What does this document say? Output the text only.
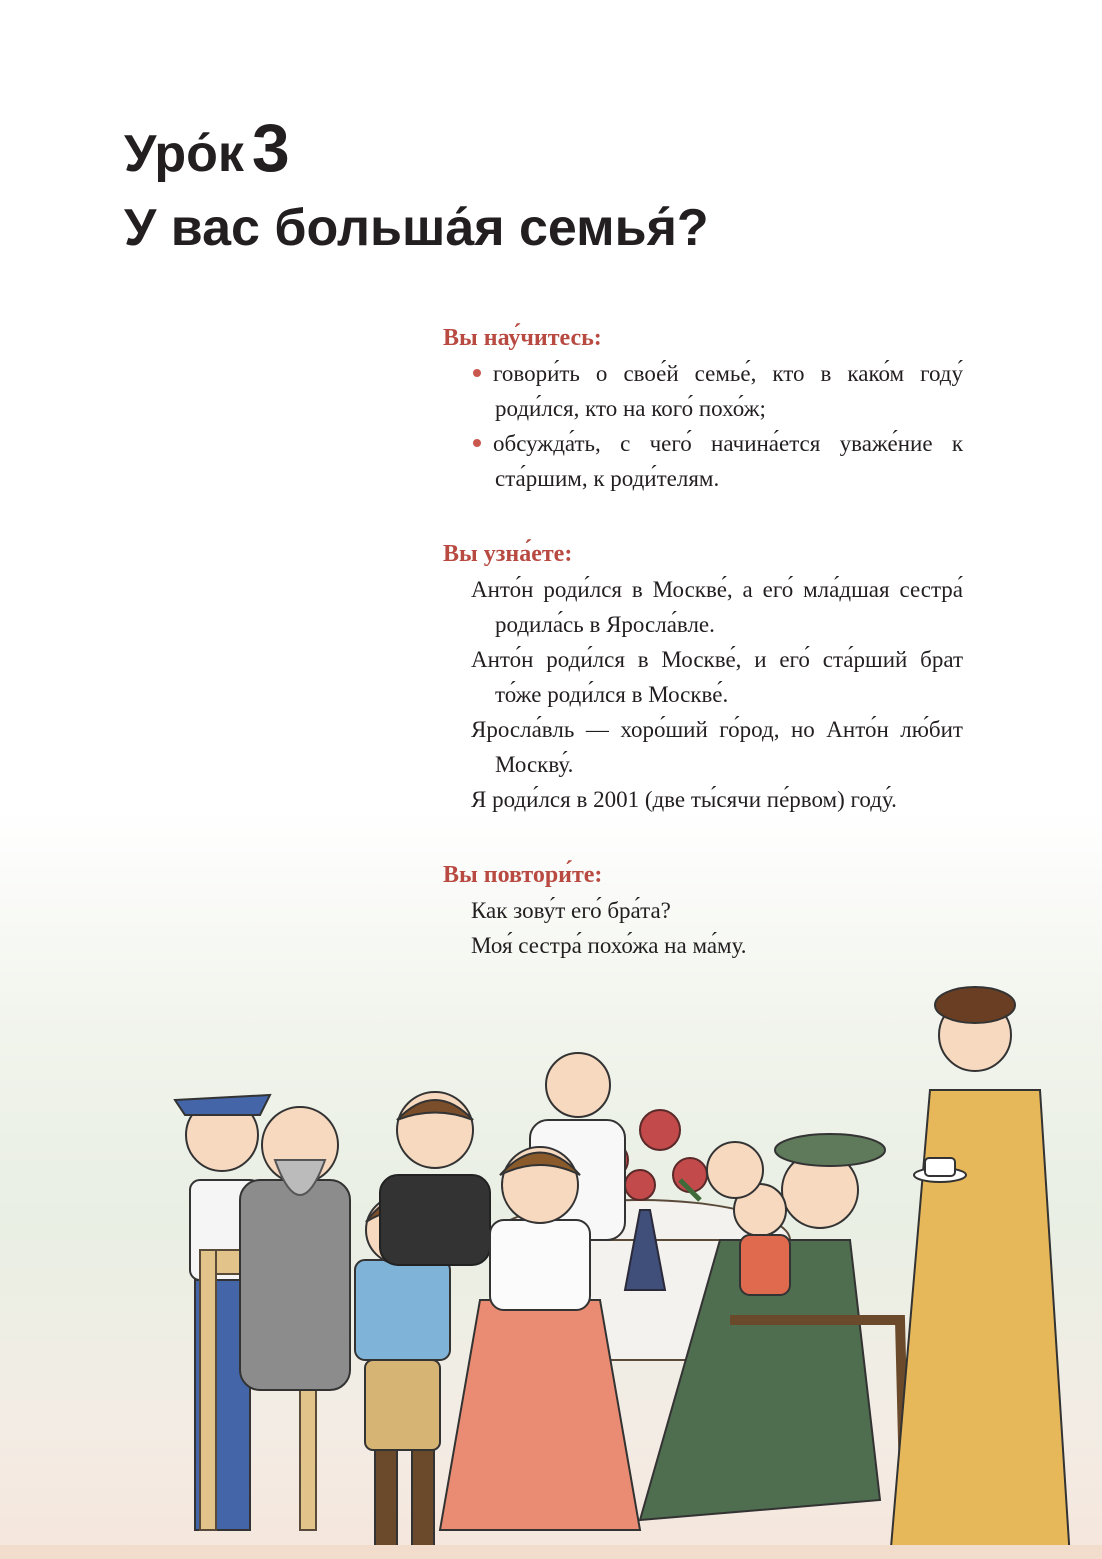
Уро́к 3
У вас больша́я семья́?

Вы нау́читесь:

говори́ть о свое́й семье́, кто в како́м году́ роди́лся, кто на кого́ похо́ж;
обсужда́ть, с чего́ начина́ется уваже́ние к ста́ршим, к роди́телям.

Вы узна́ете:

Анто́н роди́лся в Москве́, а его́ мла́дшая сестра́ родила́сь в Яросла́вле.

Анто́н роди́лся в Москве́, и его́ ста́рший брат то́же роди́лся в Москве́.

Яросла́вль — хоро́ший го́род, но Анто́н лю́бит Москву́.

Я роди́лся в 2001 (две ты́сячи пе́рвом) году́.

Вы повтори́те:

Как зову́т его́ бра́та?

Моя́ сестра́ похо́жа на ма́му.
